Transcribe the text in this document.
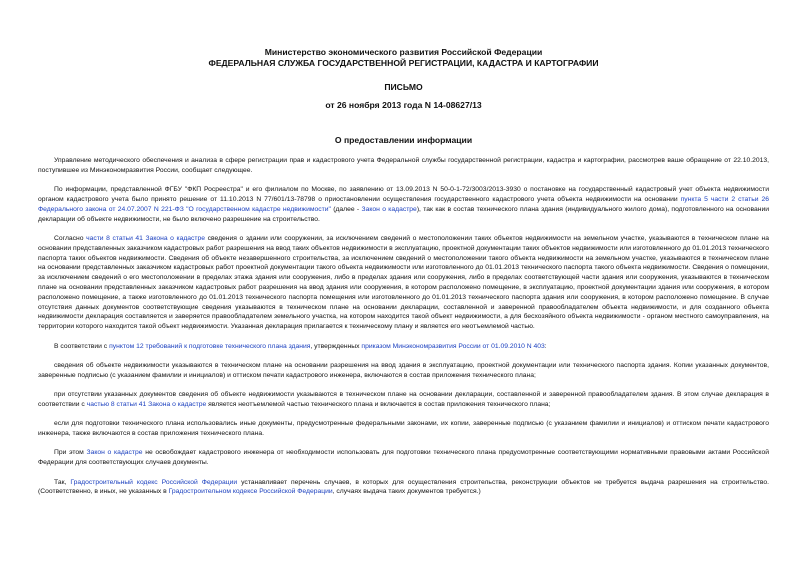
Министерство экономического развития Российской Федерации
ФЕДЕРАЛЬНАЯ СЛУЖБА ГОСУДАРСТВЕННОЙ РЕГИСТРАЦИИ, КАДАСТРА И КАРТОГРАФИИ
ПИСЬМО
от 26 ноября 2013 года N 14-08627/13
О предоставлении информации

Управление методического обеспечения и анализа в сфере регистрации прав и кадастрового учета Федеральной службы государственной регистрации, кадастра и картографии, рассмотрев ваше обращение от 22.10.2013, поступившее из Минэкономразвития России, сообщает следующее.

По информации, представленной ФГБУ "ФКП Росреестра" и его филиалом по Москве, по заявлению от 13.09.2013 N 50-0-1-72/3003/2013-3930 о постановке на государственный кадастровый учет объекта недвижимости органом кадастрового учета было принято решение от 11.10.2013 N 77/601/13-78798 о приостановлении осуществления государственного кадастрового учета объекта недвижимости на основании пункта 5 части 2 статьи 26 Федерального закона от 24.07.2007 N 221-ФЗ "О государственном кадастре недвижимости" (далее - Закон о кадастре), так как в состав технического плана здания (индивидуального жилого дома), подготовленного на основании декларации об объекте недвижимости, не было включено разрешение на строительство.

Согласно части 8 статьи 41 Закона о кадастре сведения о здании или сооружении, за исключением сведений о местоположении таких объектов недвижимости на земельном участке, указываются в техническом плане на основании представленных заказчиком кадастровых работ разрешения на ввод таких объектов недвижимости в эксплуатацию, проектной документации таких объектов недвижимости или изготовленного до 01.01.2013 технического паспорта таких объектов недвижимости. Сведения об объекте незавершенного строительства, за исключением сведений о местоположении такого объекта недвижимости на земельном участке, указываются в техническом плане на основании представленных заказчиком кадастровых работ проектной документации такого объекта недвижимости или изготовленного до 01.01.2013 технического паспорта такого объекта недвижимости. Сведения о помещении, за исключением сведений о его местоположении в пределах этажа здания или сооружения, либо в пределах здания или сооружения, либо в пределах соответствующей части здания или сооружения, указываются в техническом плане на основании представленных заказчиком кадастровых работ разрешения на ввод здания или сооружения, в котором расположено помещение, в эксплуатацию, проектной документации здания или сооружения, в котором расположено помещение, а также изготовленного до 01.01.2013 технического паспорта помещения или изготовленного до 01.01.2013 технического паспорта здания или сооружения, в котором расположено помещение. В случае отсутствия данных документов соответствующие сведения указываются в техническом плане на основании декларации, составленной и заверенной правообладателем объекта недвижимости, и для созданного объекта недвижимости декларация составляется и заверяется правообладателем земельного участка, на котором находится такой объект недвижимости, а для бесхозяйного объекта недвижимости - органом местного самоуправления, на территории которого находится такой объект недвижимости. Указанная декларация прилагается к техническому плану и является его неотъемлемой частью.

В соответствии с пунктом 12 требований к подготовке технического плана здания, утвержденных приказом Минэкономразвития России от 01.09.2010 N 403:

сведения об объекте недвижимости указываются в техническом плане на основании разрешения на ввод здания в эксплуатацию, проектной документации или технического паспорта здания. Копии указанных документов, заверенные подписью (с указанием фамилии и инициалов) и оттиском печати кадастрового инженера, включаются в состав приложения технического плана;

при отсутствии указанных документов сведения об объекте недвижимости указываются в техническом плане на основании декларации, составленной и заверенной правообладателем здания. В этом случае декларация в соответствии с частью 8 статьи 41 Закона о кадастре является неотъемлемой частью технического плана и включается в состав приложения технического плана;

если для подготовки технического плана использовались иные документы, предусмотренные федеральными законами, их копии, заверенные подписью (с указанием фамилии и инициалов) и оттиском печати кадастрового инженера, также включаются в состав приложения технического плана.

При этом Закон о кадастре не освобождает кадастрового инженера от необходимости использовать для подготовки технического плана предусмотренные соответствующими нормативными правовыми актами Российской Федерации для соответствующих случаев документы.

Так, Градостроительный кодекс Российской Федерации устанавливает перечень случаев, в которых для осуществления строительства, реконструкции объектов не требуется выдача разрешения на строительство. (Соответственно, в иных, не указанных в Градостроительном кодексе Российской Федерации, случаях выдача таких документов требуется.)
